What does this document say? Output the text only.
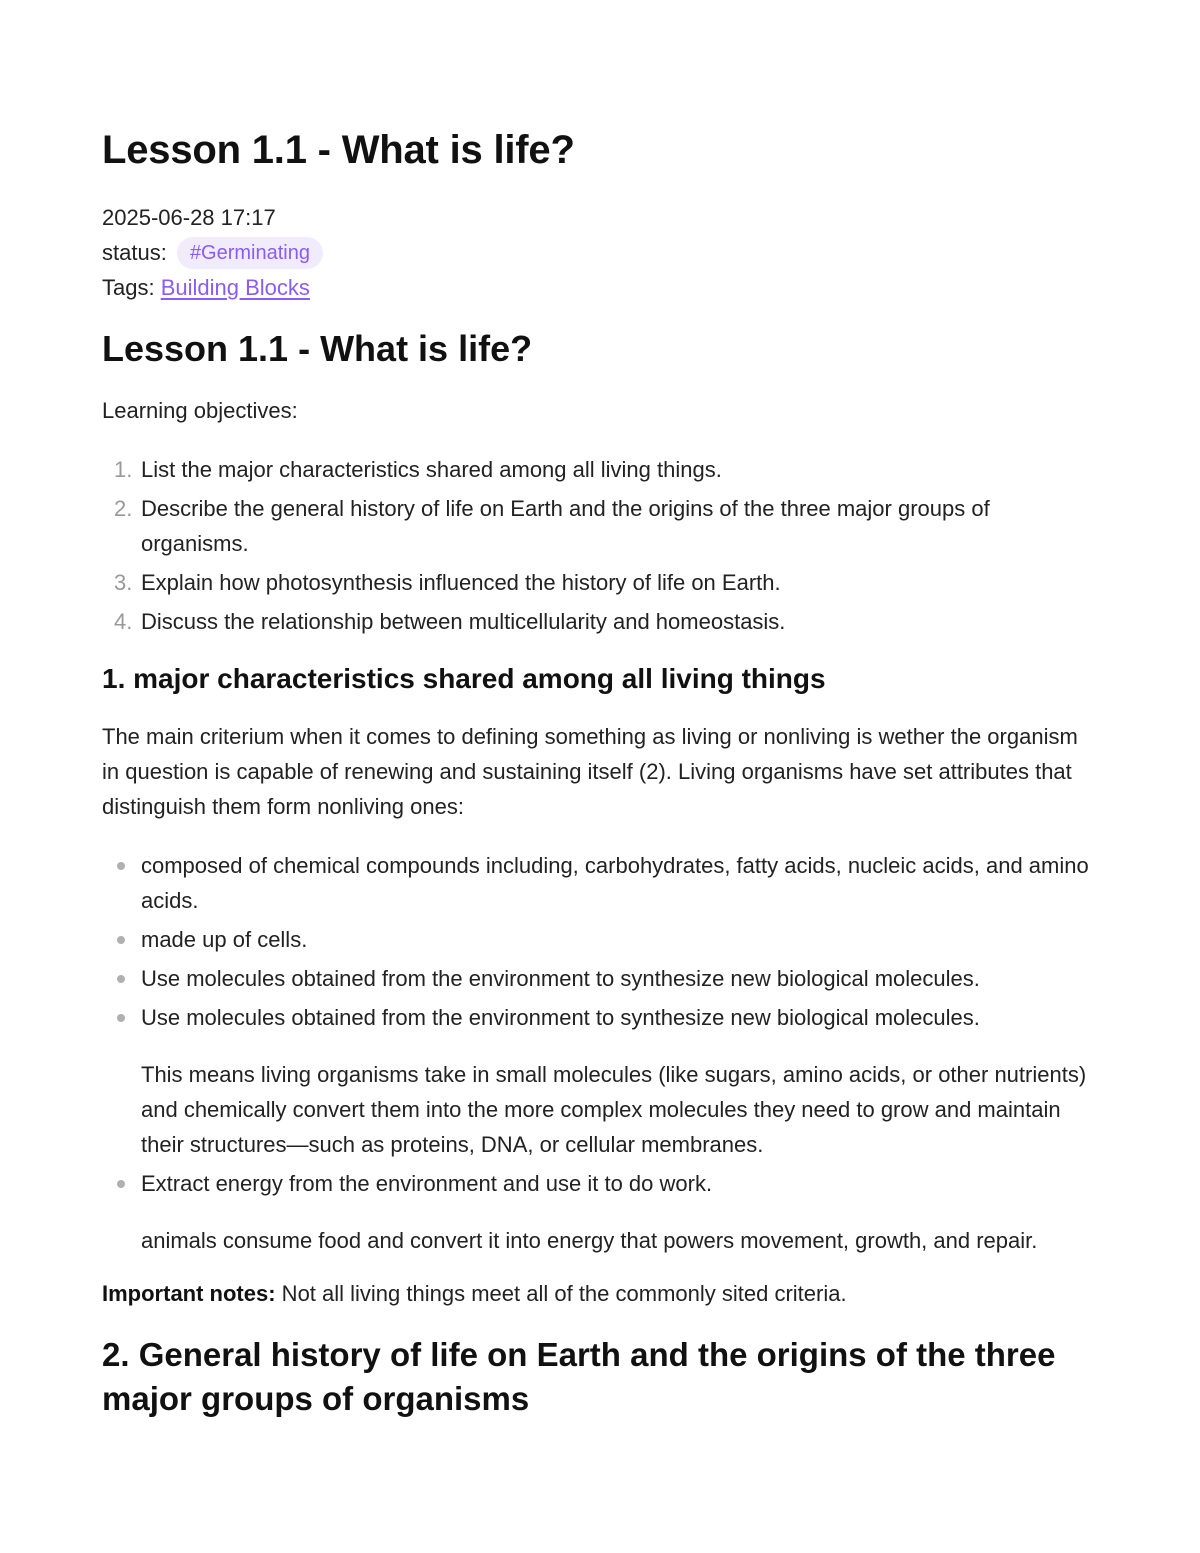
Lesson 1.1 - What is life?
2025-06-28 17:17
status: #Germinating
Tags: Building Blocks
Lesson 1.1 - What is life?

Learning objectives:

1. List the major characteristics shared among all living things.
2. Describe the general history of life on Earth and the origins of the three major groups of organisms.
3. Explain how photosynthesis influenced the history of life on Earth.
4. Discuss the relationship between multicellularity and homeostasis.
1. major characteristics shared among all living things

The main criterium when it comes to defining something as living or nonliving is wether the organism in question is capable of renewing and sustaining itself (2). Living organisms have set attributes that distinguish them form nonliving ones:

composed of chemical compounds including, carbohydrates, fatty acids, nucleic acids, and amino acids.
made up of cells.
Use molecules obtained from the environment to synthesize new biological molecules.
Use molecules obtained from the environment to synthesize new biological molecules.

This means living organisms take in small molecules (like sugars, amino acids, or other nutrients) and chemically convert them into the more complex molecules they need to grow and maintain their structures—such as proteins, DNA, or cellular membranes.

Extract energy from the environment and use it to do work.

animals consume food and convert it into energy that powers movement, growth, and repair.

Important notes: Not all living things meet all of the commonly sited criteria.

2. General history of life on Earth and the origins of the three major groups of organisms
